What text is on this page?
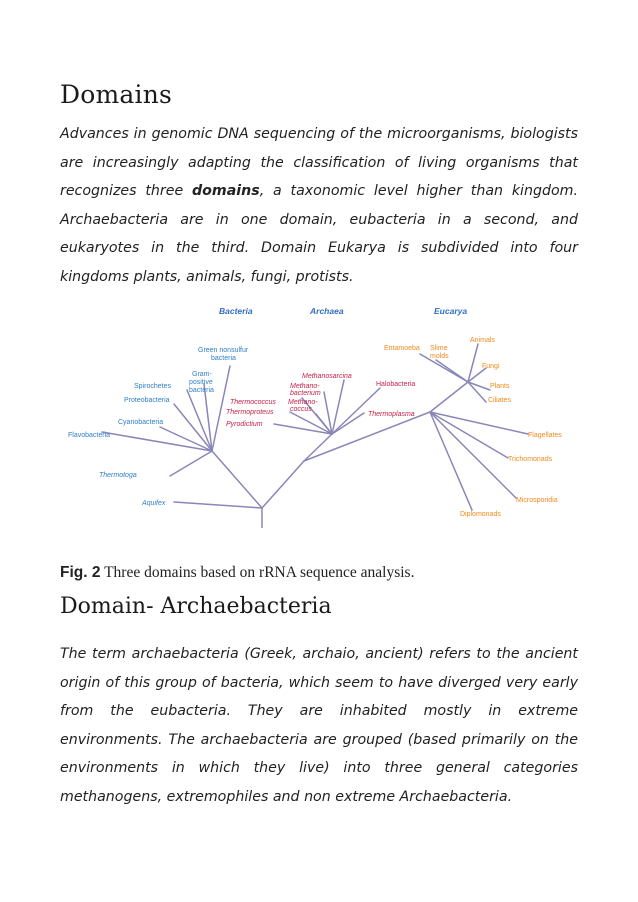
Domains

Advances in genomic DNA sequencing of the microorganisms, biologists are increasingly adapting the classification of living organisms that recognizes three domains, a taxonomic level higher than kingdom. Archaebacteria are in one domain, eubacteria in a second, and eukaryotes in the third. Domain Eukarya is subdivided into four kingdoms plants, animals, fungi, protists.

Bacteria	Archaea	Eucarya
Green nonsulfur
bacteria
Gram-
positive
bacteria
Spirochetes
Proteobacteria
Cyanobacteria
Flavobacteria
Thermotoga
Aquifex
Methanosarcina
Methano-
bacterium
Methano-
coccus
Thermococcus
Thermoproteus
Pyrodictium
Halobacteria
Thermoplasma
Entamoeba Slime
molds
Animals
Fungi
Plants
Ciliates
Flagellates
Trichomonads
Microsporidia
Diplomonads

Fig. 2 Three domains based on rRNA sequence analysis.

Domain- Archaebacteria

The term archaebacteria (Greek, archaio, ancient) refers to the ancient origin of this group of bacteria, which seem to have diverged very early from the eubacteria. They are inhabited mostly in extreme environments. The archaebacteria are grouped (based primarily on the environments in which they live) into three general categories methanogens, extremophiles and non extreme Archaebacteria.
